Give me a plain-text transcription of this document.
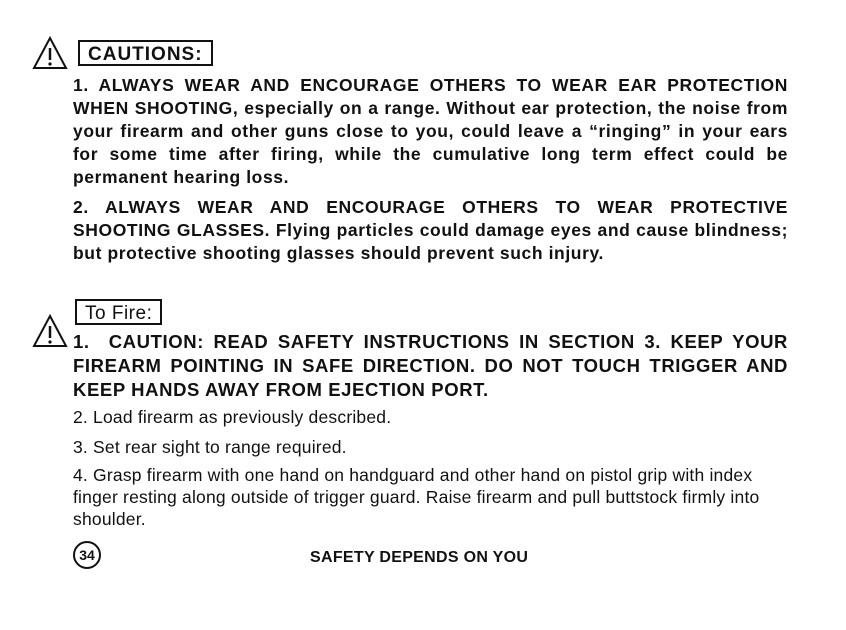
CAUTIONS:
1. ALWAYS WEAR AND ENCOURAGE OTHERS TO WEAR EAR PROTECTION WHEN SHOOTING, especially on a range. Without ear protection, the noise from your firearm and other guns close to you, could leave a “ringing” in your ears for some time after firing, while the cumulative long term effect could be permanent hearing loss.
2. ALWAYS WEAR AND ENCOURAGE OTHERS TO WEAR PROTECTIVE SHOOTING GLASSES. Flying particles could damage eyes and cause blindness; but protective shooting glasses should prevent such injury.
To Fire:
1. CAUTION: READ SAFETY INSTRUCTIONS IN SECTION 3. KEEP YOUR FIREARM POINTING IN SAFE DIRECTION. DO NOT TOUCH TRIGGER AND KEEP HANDS AWAY FROM EJECTION PORT.
2. Load firearm as previously described.
3. Set rear sight to range required.
4. Grasp firearm with one hand on handguard and other hand on pistol grip with index finger resting along outside of trigger guard. Raise firearm and pull buttstock firmly into shoulder.
34	SAFETY DEPENDS ON YOU
